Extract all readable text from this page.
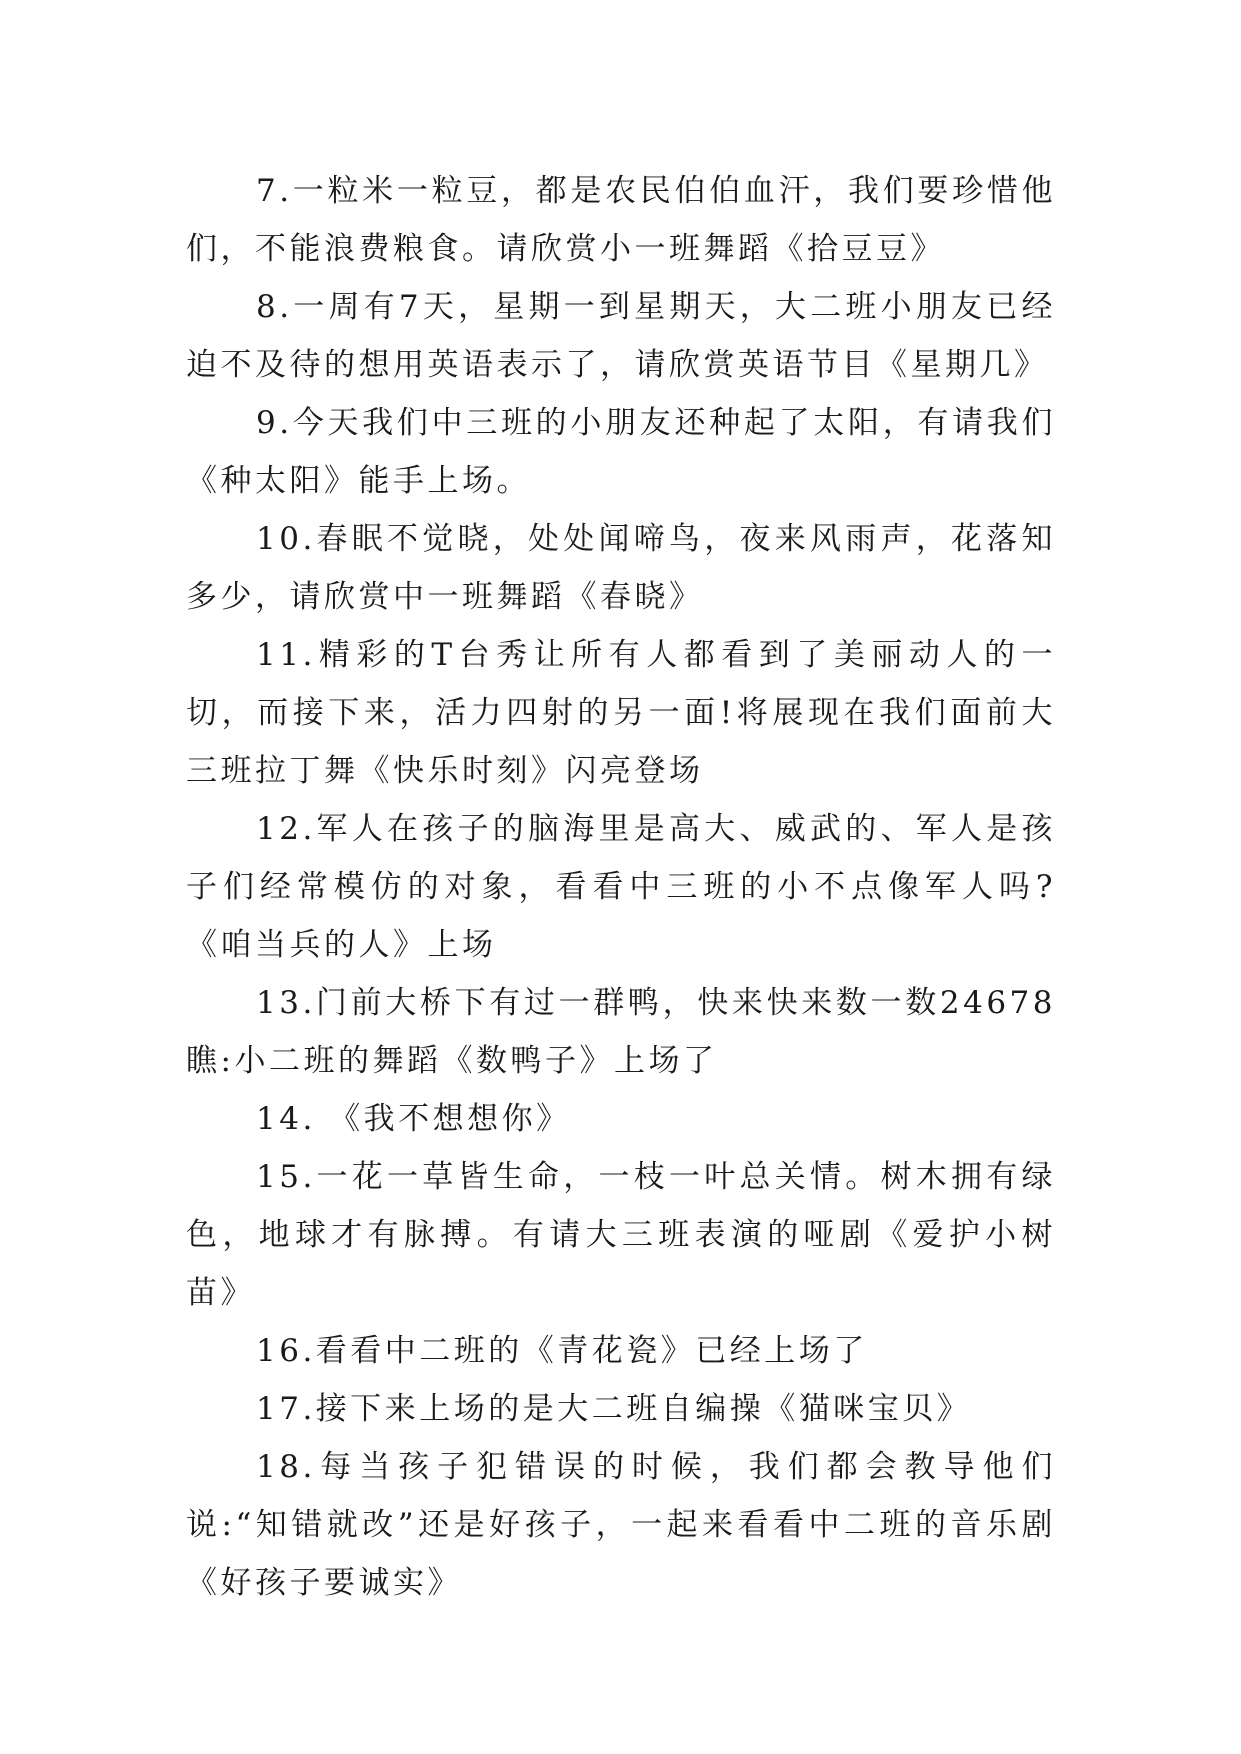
7.一粒米一粒豆，都是农民伯伯血汗，我们要珍惜他们，不能浪费粮食。请欣赏小一班舞蹈《拾豆豆》

8.一周有7天，星期一到星期天，大二班小朋友已经迫不及待的想用英语表示了，请欣赏英语节目《星期几》

9.今天我们中三班的小朋友还种起了太阳，有请我们《种太阳》能手上场。

10.春眠不觉晓，处处闻啼鸟，夜来风雨声，花落知多少，请欣赏中一班舞蹈《春晓》

11.精彩的T台秀让所有人都看到了美丽动人的一切，而接下来，活力四射的另一面!将展现在我们面前大三班拉丁舞《快乐时刻》闪亮登场

12.军人在孩子的脑海里是高大、威武的、军人是孩子们经常模仿的对象，看看中三班的小不点像军人吗?《咱当兵的人》上场

13.门前大桥下有过一群鸭，快来快来数一数24678瞧:小二班的舞蹈《数鸭子》上场了

14. 《我不想想你》

15.一花一草皆生命，一枝一叶总关情。树木拥有绿色，地球才有脉搏。有请大三班表演的哑剧《爱护小树苗》

16.看看中二班的《青花瓷》已经上场了

17.接下来上场的是大二班自编操《猫咪宝贝》

18.每当孩子犯错误的时候，我们都会教导他们说:“知错就改”还是好孩子，一起来看看中二班的音乐剧《好孩子要诚实》
